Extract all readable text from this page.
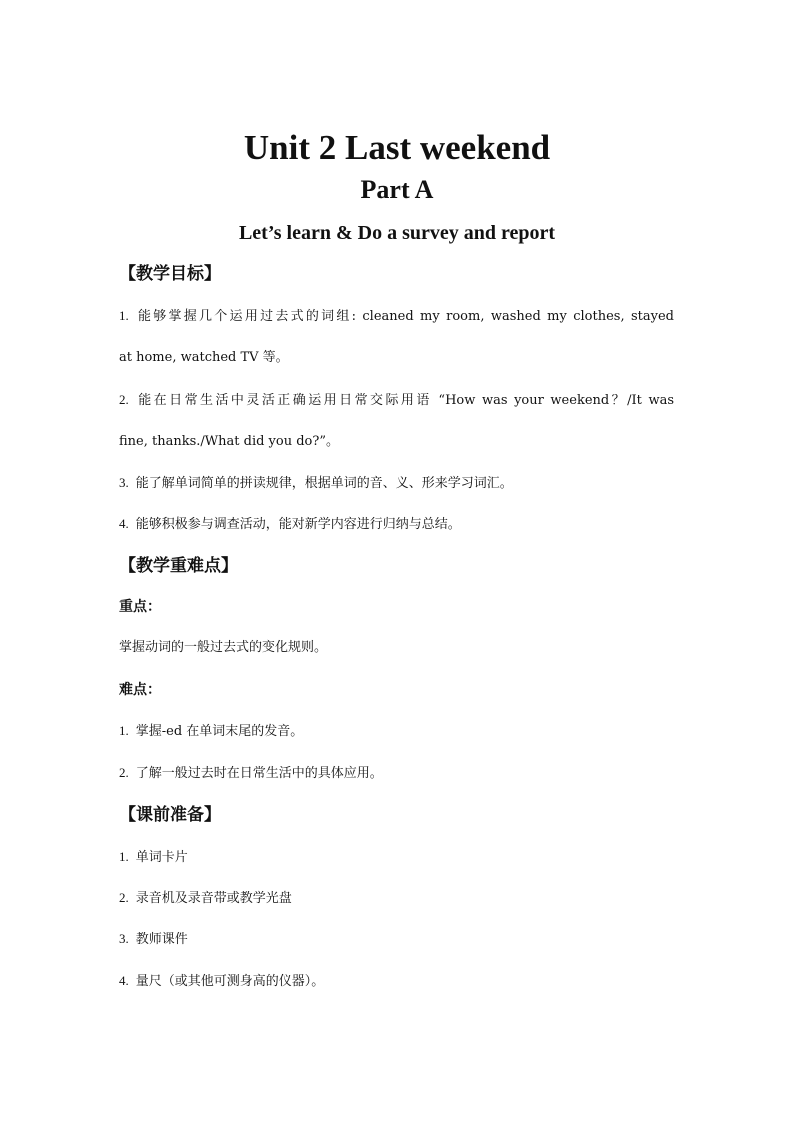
Unit 2 Last weekend
Part A
Let’s learn & Do a survey and report

【教学目标】

1. 能够掌握几个运用过去式的词组: cleaned my room, washed my clothes, stayed

at home, watched TV 等。

2. 能在日常生活中灵活正确运用日常交际用语 “How was your weekend？/It was

fine, thanks./What did you do?”。

3. 能了解单词简单的拼读规律，根据单词的音、义、形来学习词汇。

4. 能够积极参与调查活动，能对新学内容进行归纳与总结。

【教学重难点】

重点：

掌握动词的一般过去式的变化规则。

难点：

1. 掌握-ed 在单词末尾的发音。

2. 了解一般过去时在日常生活中的具体应用。

【课前准备】

1. 单词卡片

2. 录音机及录音带或教学光盘

3. 教师课件

4. 量尺（或其他可测身高的仪器）。
